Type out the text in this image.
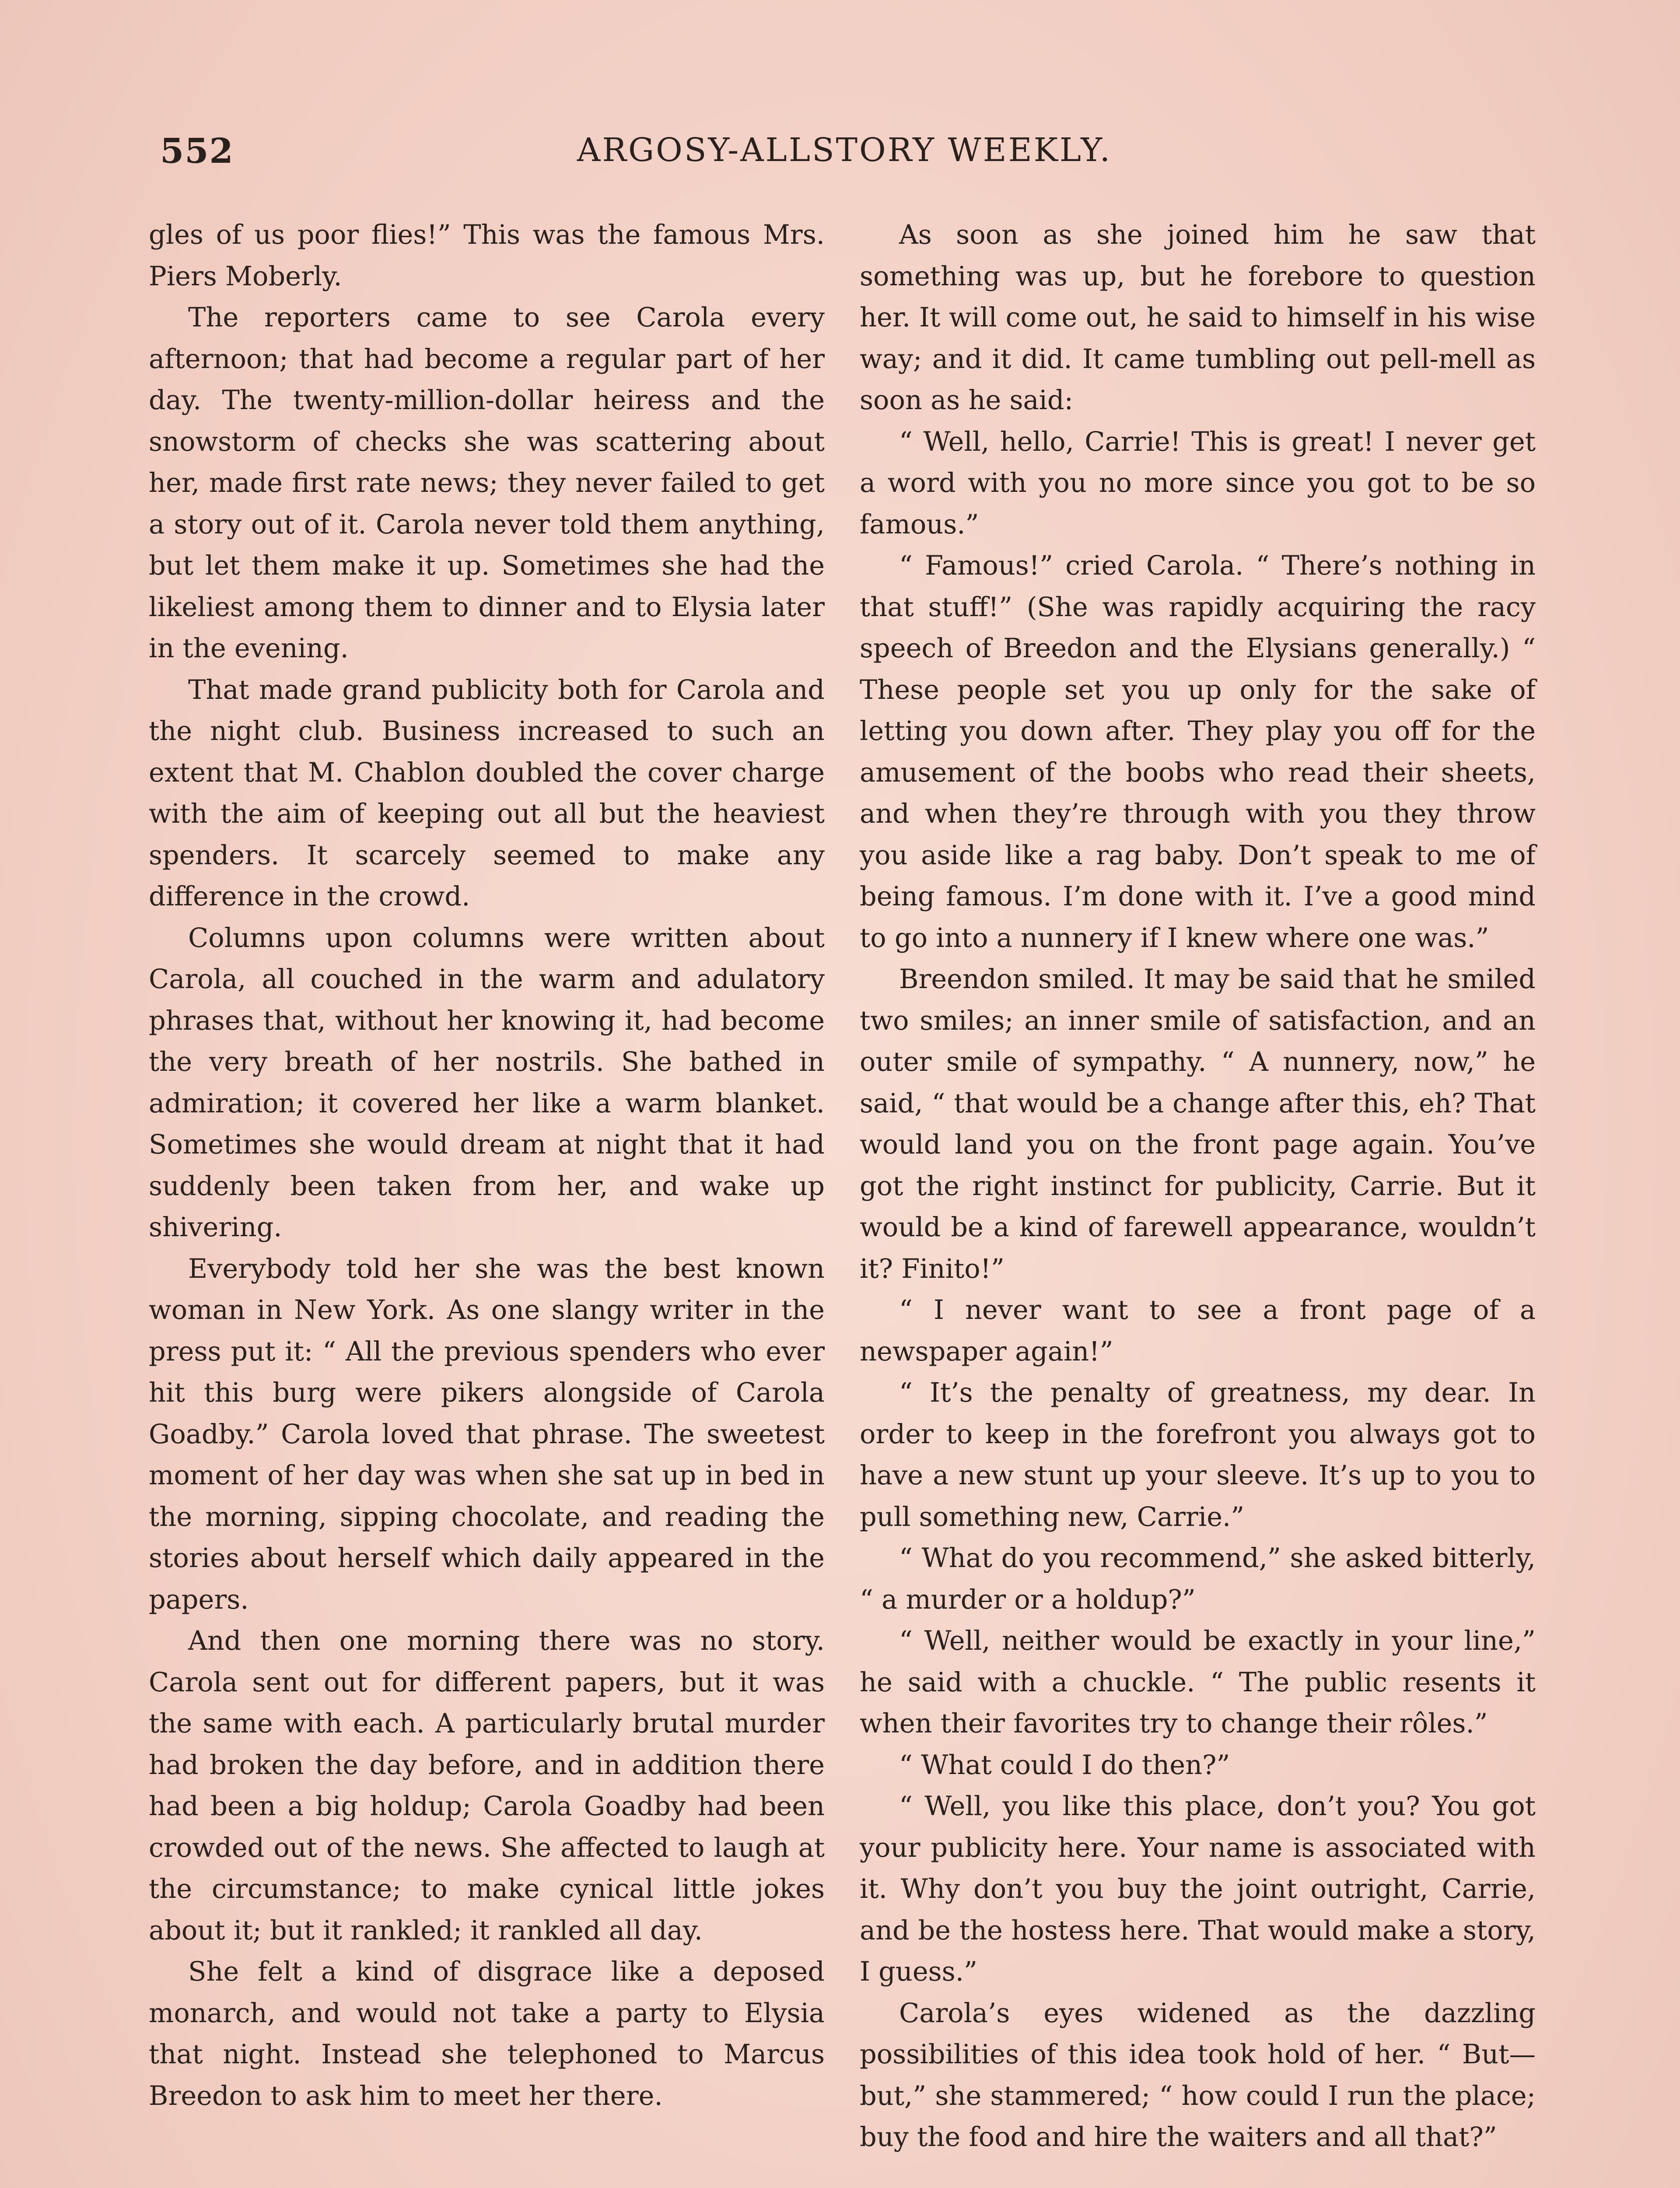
552	ARGOSY-ALLSTORY WEEKLY.

gles of us poor flies!” This was the famous Mrs. Piers Moberly.

The reporters came to see Carola every afternoon; that had become a regular part of her day. The twenty-million-dollar heiress and the snowstorm of checks she was scattering about her, made first rate news; they never failed to get a story out of it. Carola never told them anything, but let them make it up. Sometimes she had the likeliest among them to dinner and to Elysia later in the evening.

That made grand publicity both for Carola and the night club. Business increased to such an extent that M. Chablon doubled the cover charge with the aim of keeping out all but the heaviest spenders. It scarcely seemed to make any difference in the crowd.

Columns upon columns were written about Carola, all couched in the warm and adulatory phrases that, without her knowing it, had become the very breath of her nostrils. She bathed in admiration; it covered her like a warm blanket. Sometimes she would dream at night that it had suddenly been taken from her, and wake up shivering.

Everybody told her she was the best known woman in New York. As one slangy writer in the press put it: “ All the previous spenders who ever hit this burg were pikers alongside of Carola Goadby.” Carola loved that phrase. The sweetest moment of her day was when she sat up in bed in the morning, sipping chocolate, and reading the stories about herself which daily appeared in the papers.

And then one morning there was no story. Carola sent out for different papers, but it was the same with each. A particularly brutal murder had broken the day before, and in addition there had been a big holdup; Carola Goadby had been crowded out of the news. She affected to laugh at the circumstance; to make cynical little jokes about it; but it rankled; it rankled all day.

She felt a kind of disgrace like a deposed monarch, and would not take a party to Elysia that night. Instead she telephoned to Marcus Breedon to ask him to meet her there.

As soon as she joined him he saw that something was up, but he forebore to question her. It will come out, he said to himself in his wise way; and it did. It came tumbling out pell-mell as soon as he said:

“ Well, hello, Carrie! This is great! I never get a word with you no more since you got to be so famous.”

“ Famous!” cried Carola. “ There’s nothing in that stuff!” (She was rapidly acquiring the racy speech of Breedon and the Elysians generally.) “ These people set you up only for the sake of letting you down after. They play you off for the amusement of the boobs who read their sheets, and when they’re through with you they throw you aside like a rag baby. Don’t speak to me of being famous. I’m done with it. I’ve a good mind to go into a nunnery if I knew where one was.”

Breendon smiled. It may be said that he smiled two smiles; an inner smile of satisfaction, and an outer smile of sympathy. “ A nunnery, now,” he said, “ that would be a change after this, eh? That would land you on the front page again. You’ve got the right instinct for publicity, Carrie. But it would be a kind of farewell appearance, wouldn’t it? Finito!”

“ I never want to see a front page of a newspaper again!”

“ It’s the penalty of greatness, my dear. In order to keep in the forefront you always got to have a new stunt up your sleeve. It’s up to you to pull something new, Carrie.”

“ What do you recommend,” she asked bitterly, “ a murder or a holdup?”

“ Well, neither would be exactly in your line,” he said with a chuckle. “ The public resents it when their favorites try to change their rôles.”

“ What could I do then?”

“ Well, you like this place, don’t you? You got your publicity here. Your name is associated with it. Why don’t you buy the joint outright, Carrie, and be the hostess here. That would make a story, I guess.”

Carola’s eyes widened as the dazzling possibilities of this idea took hold of her. “ But—but,” she stammered; “ how could I run the place; buy the food and hire the waiters and all that?”
